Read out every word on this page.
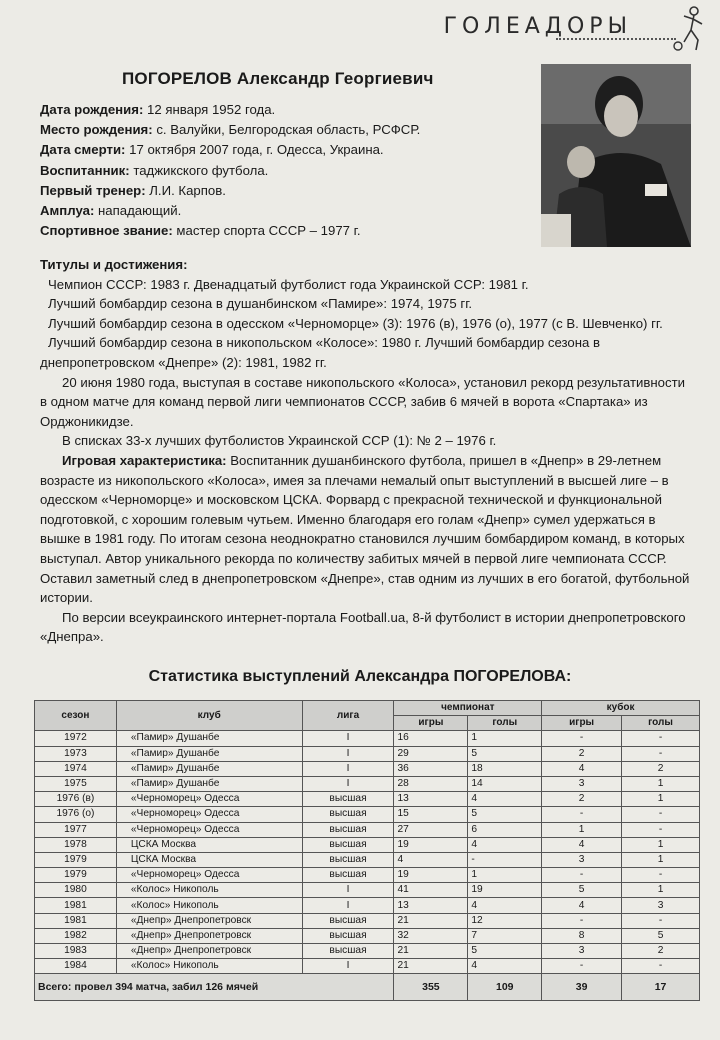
ГОЛЕАДОРЫ
ПОГОРЕЛОВ Александр Георгиевич
Дата рождения: 12 января 1952 года.
Место рождения: с. Валуйки, Белгородская область, РСФСР.
Дата смерти: 17 октября 2007 года, г. Одесса, Украина.
Воспитанник: таджикского футбола.
Первый тренер: Л.И. Карпов.
Амплуа: нападающий.
Спортивное звание: мастер спорта СССР – 1977 г.

Титулы и достижения:

Чемпион СССР: 1983 г. Двенадцатый футболист года Украинской ССР: 1981 г.

Лучший бомбардир сезона в душанбинском «Памире»: 1974, 1975 гг.

Лучший бомбардир сезона в одесском «Черноморце» (3): 1976 (в), 1976 (о), 1977 (с В. Шевченко) гг.

Лучший бомбардир сезона в никопольском «Колосе»: 1980 г. Лучший бомбардир сезона в днепропетровском «Днепре» (2): 1981, 1982 гг.

20 июня 1980 года, выступая в составе никопольского «Колоса», установил рекорд результативности в одном матче для команд первой лиги чемпионатов СССР, забив 6 мячей в ворота «Спартака» из Орджоникидзе.

В списках 33-х лучших футболистов Украинской ССР (1): № 2 – 1976 г.

Игровая характеристика: Воспитанник душанбинского футбола, пришел в «Днепр» в 29-летнем возрасте из никопольского «Колоса», имея за плечами немалый опыт выступлений в высшей лиге – в одесском «Черноморце» и московском ЦСКА. Форвард с прекрасной технической и функциональной подготовкой, с хорошим голевым чутьем. Именно благодаря его голам «Днепр» сумел удержаться в вышке в 1981 году. По итогам сезона неоднократно становился лучшим бомбардиром команд, в которых выступал. Автор уникального рекорда по количеству забитых мячей в первой лиге чемпионата СССР. Оставил заметный след в днепропетровском «Днепре», став одним из лучших в его богатой, футбольной истории.

По версии всеукраинского интернет-портала Football.ua, 8-й футболист в истории днепропетровского «Днепра».

Статистика выступлений Александра ПОГОРЕЛОВА:
сезон	клуб	лига	чемпионат		кубок	
			игры	голы	игры	голы
1972	«Памир» Душанбе	I	16	1	-	-
1973	«Памир» Душанбе	I	29	5	2	-
1974	«Памир» Душанбе	I	36	18	4	2
1975	«Памир» Душанбе	I	28	14	3	1
1976 (в)	«Черноморец» Одесса	высшая	13	4	2	1
1976 (о)	«Черноморец» Одесса	высшая	15	5	-	-
1977	«Черноморец» Одесса	высшая	27	6	1	-
1978	ЦСКА Москва	высшая	19	4	4	1
1979	ЦСКА Москва	высшая	4	-	3	1
1979	«Черноморец» Одесса	высшая	19	1	-	-
1980	«Колос» Никополь	I	41	19	5	1
1981	«Колос» Никополь	I	13	4	4	3
1981	«Днепр» Днепропетровск	высшая	21	12	-	-
1982	«Днепр» Днепропетровск	высшая	32	7	8	5
1983	«Днепр» Днепропетровск	высшая	21	5	3	2
1984	«Колос» Никополь	I	21	4	-	-
Всего: провел 394 матча, забил 126 мячей			355	109	39	17
